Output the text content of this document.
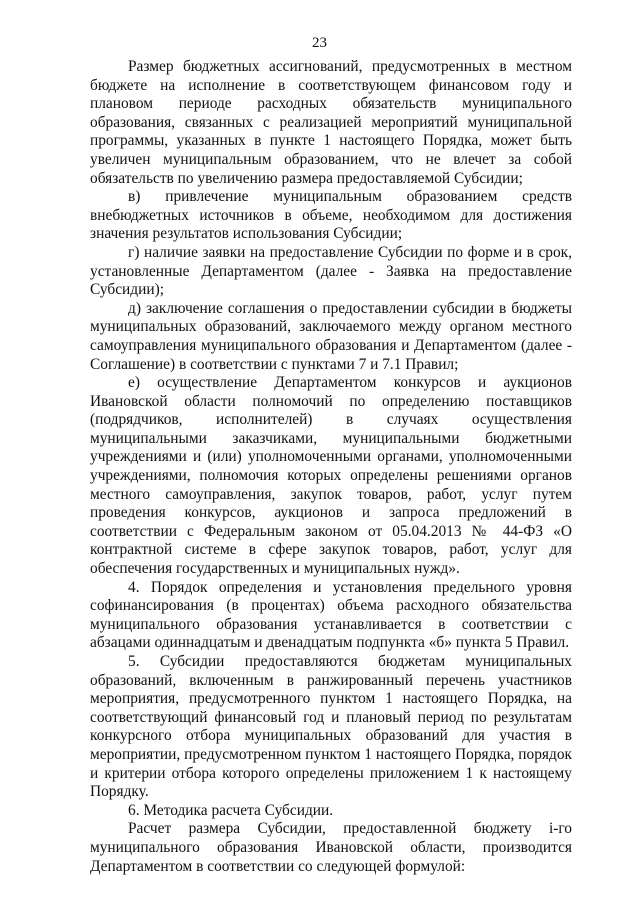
23

Размер бюджетных ассигнований, предусмотренных в местном бюджете на исполнение в соответствующем финансовом году и плановом периоде расходных обязательств муниципального образования, связанных с реализацией мероприятий муниципальной программы, указанных в пункте 1 настоящего Порядка, может быть увеличен муниципальным образованием, что не влечет за собой обязательств по увеличению размера предоставляемой Субсидии;

в) привлечение муниципальным образованием средств внебюджетных источников в объеме, необходимом для достижения значения результатов использования Субсидии;

г) наличие заявки на предоставление Субсидии по форме и в срок, установленные Департаментом (далее - Заявка на предоставление Субсидии);

д) заключение соглашения о предоставлении субсидии в бюджеты муниципальных образований, заключаемого между органом местного самоуправления муниципального образования и Департаментом (далее - Соглашение) в соответствии с пунктами 7 и 7.1 Правил;

е) осуществление Департаментом конкурсов и аукционов Ивановской области полномочий по определению поставщиков (подрядчиков, исполнителей) в случаях осуществления муниципальными заказчиками, муниципальными бюджетными учреждениями и (или) уполномоченными органами, уполномоченными учреждениями, полномочия которых определены решениями органов местного самоуправления, закупок товаров, работ, услуг путем проведения конкурсов, аукционов и запроса предложений в соответствии с Федеральным законом от 05.04.2013 № 44-ФЗ «О контрактной системе в сфере закупок товаров, работ, услуг для обеспечения государственных и муниципальных нужд».

4. Порядок определения и установления предельного уровня софинансирования (в процентах) объема расходного обязательства муниципального образования устанавливается в соответствии с абзацами одиннадцатым и двенадцатым подпункта «б» пункта 5 Правил.

5. Субсидии предоставляются бюджетам муниципальных образований, включенным в ранжированный перечень участников мероприятия, предусмотренного пунктом 1 настоящего Порядка, на соответствующий финансовый год и плановый период по результатам конкурсного отбора муниципальных образований для участия в мероприятии, предусмотренном пунктом 1 настоящего Порядка, порядок и критерии отбора которого определены приложением 1 к настоящему Порядку.

6. Методика расчета Субсидии.

Расчет размера Субсидии, предоставленной бюджету i-го муниципального образования Ивановской области, производится Департаментом в соответствии со следующей формулой:
